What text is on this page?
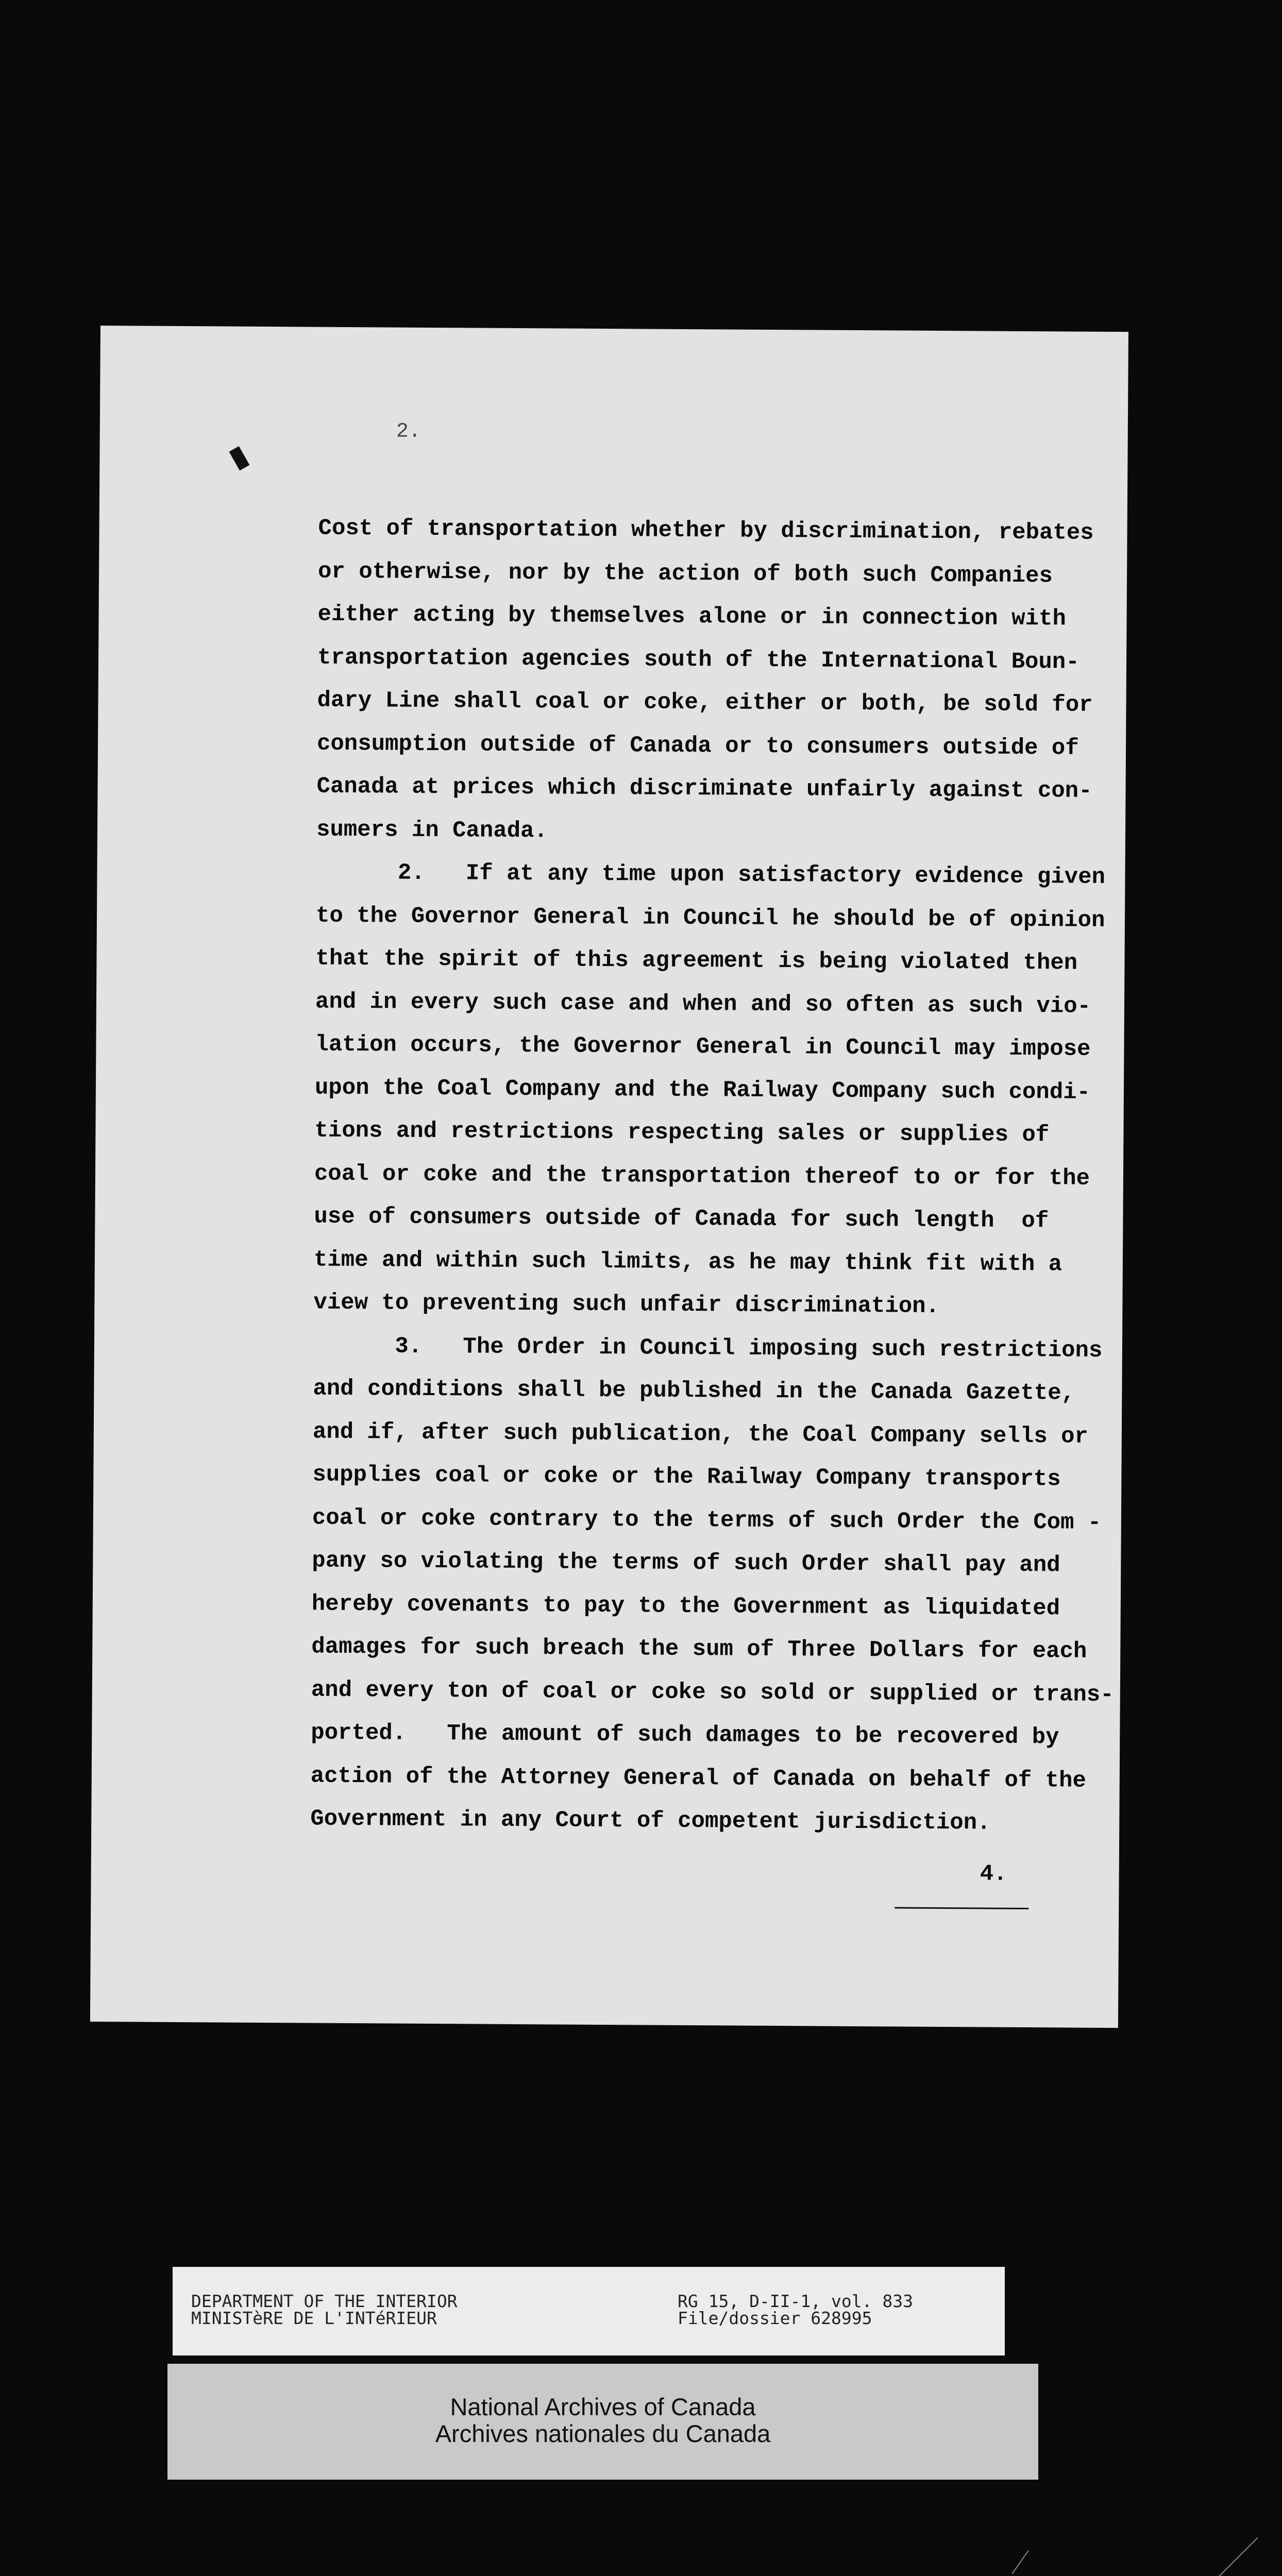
2.
Cost of transportation whether by discrimination, rebates
or otherwise, nor by the action of both such Companies
either acting by themselves alone or in connection with
transportation agencies south of the International Boun-
dary Line shall coal or coke, either or both, be sold for
consumption outside of Canada or to consumers outside of
Canada at prices which discriminate unfairly against con-
sumers in Canada.
2.   If at any time upon satisfactory evidence given
to the Governor General in Council he should be of opinion
that the spirit of this agreement is being violated then
and in every such case and when and so often as such vio-
lation occurs, the Governor General in Council may impose
upon the Coal Company and the Railway Company such condi-
tions and restrictions respecting sales or supplies of
coal or coke and the transportation thereof to or for the
use of consumers outside of Canada for such length  of
time and within such limits, as he may think fit with a
view to preventing such unfair discrimination.
3.   The Order in Council imposing such restrictions
and conditions shall be published in the Canada Gazette,
and if, after such publication, the Coal Company sells or
supplies coal or coke or the Railway Company transports
coal or coke contrary to the terms of such Order the Com -
pany so violating the terms of such Order shall pay and
hereby covenants to pay to the Government as liquidated
damages for such breach the sum of Three Dollars for each
and every ton of coal or coke so sold or supplied or trans-
ported.   The amount of such damages to be recovered by
action of the Attorney General of Canada on behalf of the
Government in any Court of competent jurisdiction.
4.
DEPARTMENT OF THE INTERIOR
MINISTèRE DE L'INTéRIEUR
RG 15, D-II-1, vol. 833
File/dossier 628995
National Archives of Canada
Archives nationales du Canada
